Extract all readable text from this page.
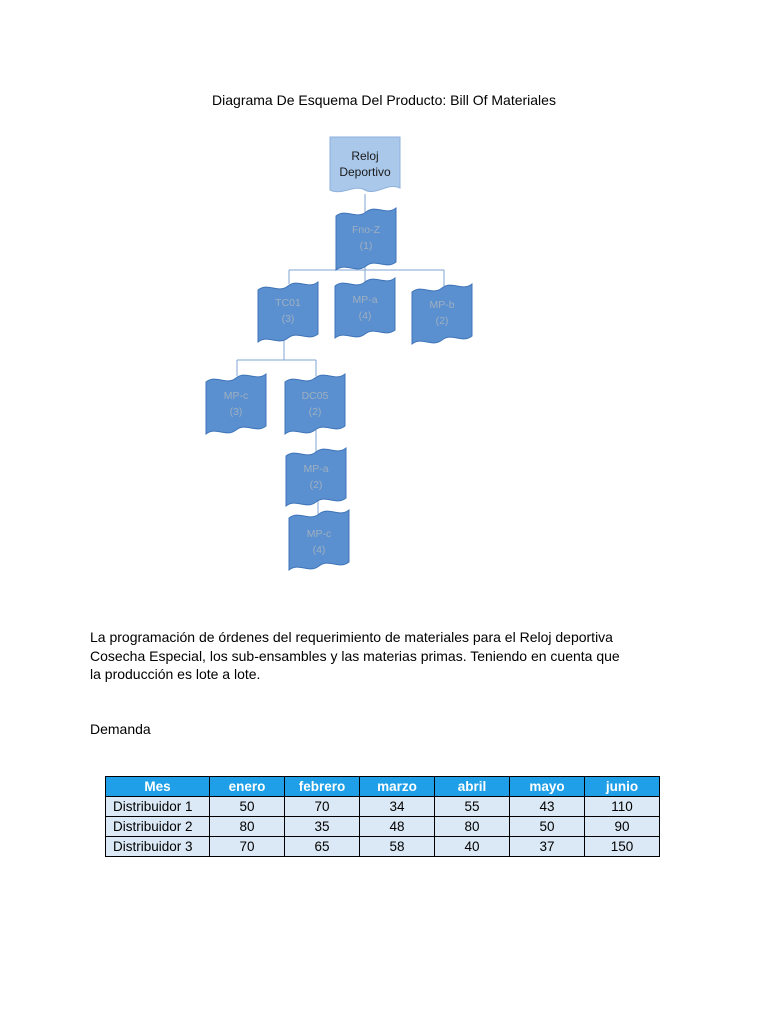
Diagrama De Esquema Del Producto: Bill Of Materiales
Reloj
Deportivo
Fno-Z
(1)
TC01
(3)
MP-a
(4)
MP-b
(2)
MP-c
(3)
DC05
(2)
MP-a
(2)
MP-c
(4)
La programación de órdenes del requerimiento de materiales para el Reloj deportiva
Cosecha Especial, los sub-ensambles y las materias primas. Teniendo en cuenta que
la producción es lote a lote.
Demanda
Mes	enero	febrero	marzo	abril	mayo	junio
Distribuidor 1	50	70	34	55	43	110
Distribuidor 2	80	35	48	80	50	90
Distribuidor 3	70	65	58	40	37	150
